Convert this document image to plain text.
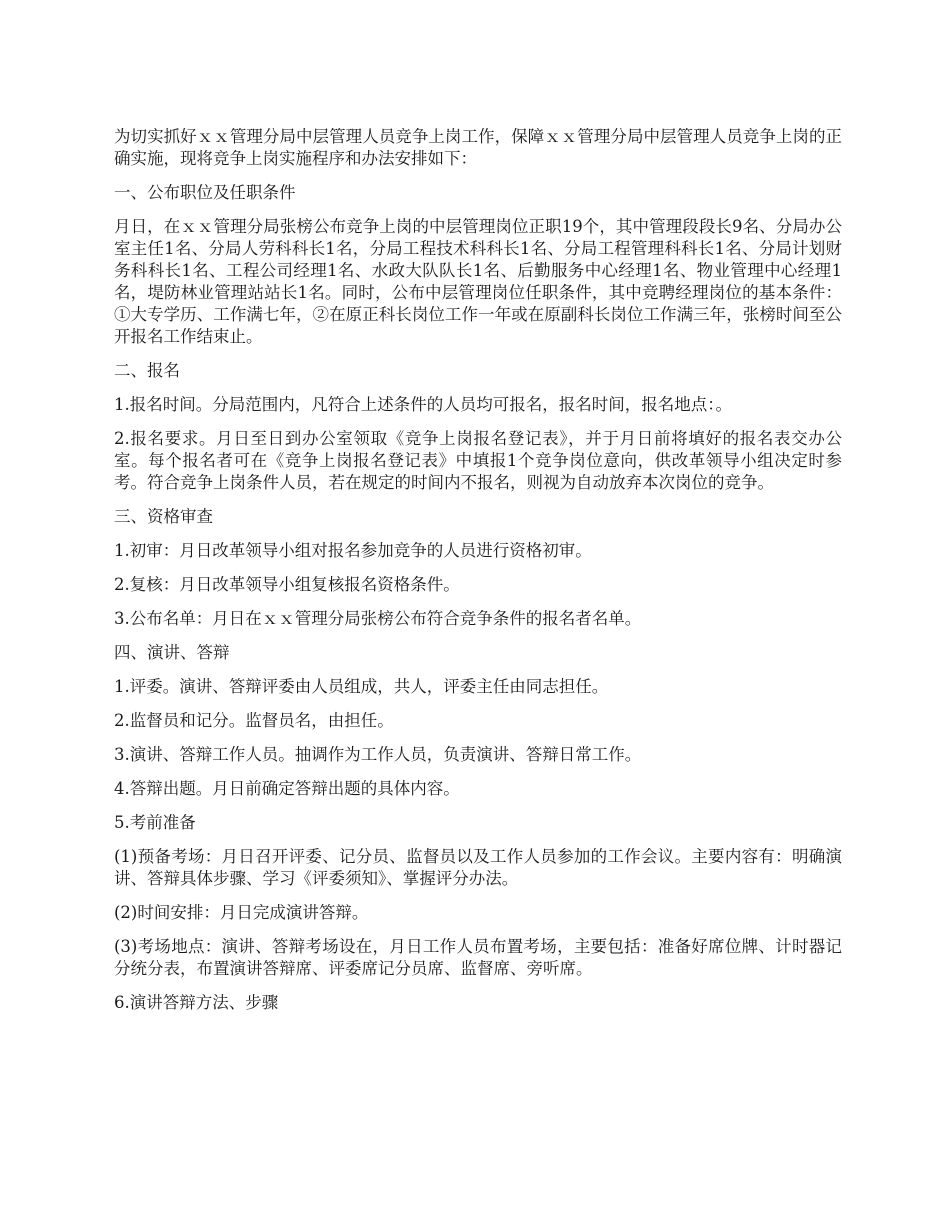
为切实抓好ｘｘ管理分局中层管理人员竞争上岗工作，保障ｘｘ管理分局中层管理人员竞争上岗的正确实施，现将竞争上岗实施程序和办法安排如下：

一、公布职位及任职条件

月日，在ｘｘ管理分局张榜公布竞争上岗的中层管理岗位正职19个，其中管理段段长9名、分局办公室主任1名、分局人劳科科长1名，分局工程技术科科长1名、分局工程管理科科长1名、分局计划财务科科长1名、工程公司经理1名、水政大队队长1名、后勤服务中心经理1名、物业管理中心经理1名，堤防林业管理站站长1名。同时，公布中层管理岗位任职条件，其中竞聘经理岗位的基本条件：①大专学历、工作满七年，②在原正科长岗位工作一年或在原副科长岗位工作满三年，张榜时间至公开报名工作结束止。

二、报名

1.报名时间。分局范围内，凡符合上述条件的人员均可报名，报名时间，报名地点：。

2.报名要求。月日至日到办公室领取《竞争上岗报名登记表》，并于月日前将填好的报名表交办公室。每个报名者可在《竞争上岗报名登记表》中填报1个竞争岗位意向，供改革领导小组决定时参考。符合竞争上岗条件人员，若在规定的时间内不报名，则视为自动放弃本次岗位的竞争。

三、资格审查

1.初审：月日改革领导小组对报名参加竞争的人员进行资格初审。

2.复核：月日改革领导小组复核报名资格条件。

3.公布名单：月日在ｘｘ管理分局张榜公布符合竞争条件的报名者名单。

四、演讲、答辩

1.评委。演讲、答辩评委由人员组成，共人，评委主任由同志担任。

2.监督员和记分。监督员名，由担任。

3.演讲、答辩工作人员。抽调作为工作人员，负责演讲、答辩日常工作。

4.答辩出题。月日前确定答辩出题的具体内容。

5.考前准备

(1)预备考场：月日召开评委、记分员、监督员以及工作人员参加的工作会议。主要内容有：明确演讲、答辩具体步骤、学习《评委须知》、掌握评分办法。

(2)时间安排：月日完成演讲答辩。

(3)考场地点：演讲、答辩考场设在，月日工作人员布置考场，主要包括：准备好席位牌、计时器记分统分表，布置演讲答辩席、评委席记分员席、监督席、旁听席。

6.演讲答辩方法、步骤
